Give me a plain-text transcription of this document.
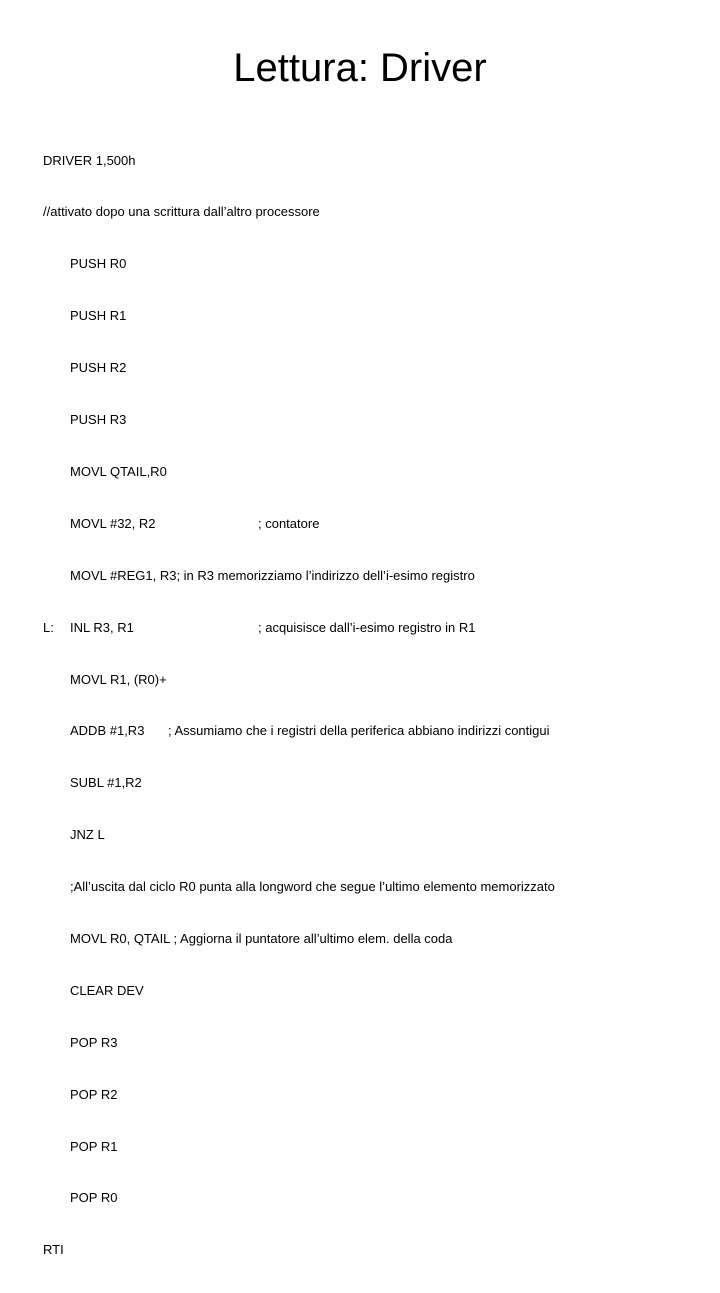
Lettura: Driver

DRIVER 1,500h

//attivato dopo una scrittura dall’altro processore

PUSH R0

PUSH R1

PUSH R2

PUSH R3

MOVL QTAIL,R0

MOVL #32, R2

	; contatore

MOVL #REG1, R3; in R3 memorizziamo l’indirizzo dell’i-esimo registro

L:

INL R3, R1

	; acquisisce dall’i-esimo registro in R1

MOVL R1, (R0)+

ADDB #1,R3

; Assumiamo che i registri della periferica abbiano indirizzi contigui

SUBL #1,R2

JNZ L

;All’uscita dal ciclo R0 punta alla longword che segue l’ultimo elemento memorizzato

MOVL R0, QTAIL ; Aggiorna il puntatore all’ultimo elem. della coda

CLEAR DEV

POP R3

POP R2

POP R1

POP R0

RTI
